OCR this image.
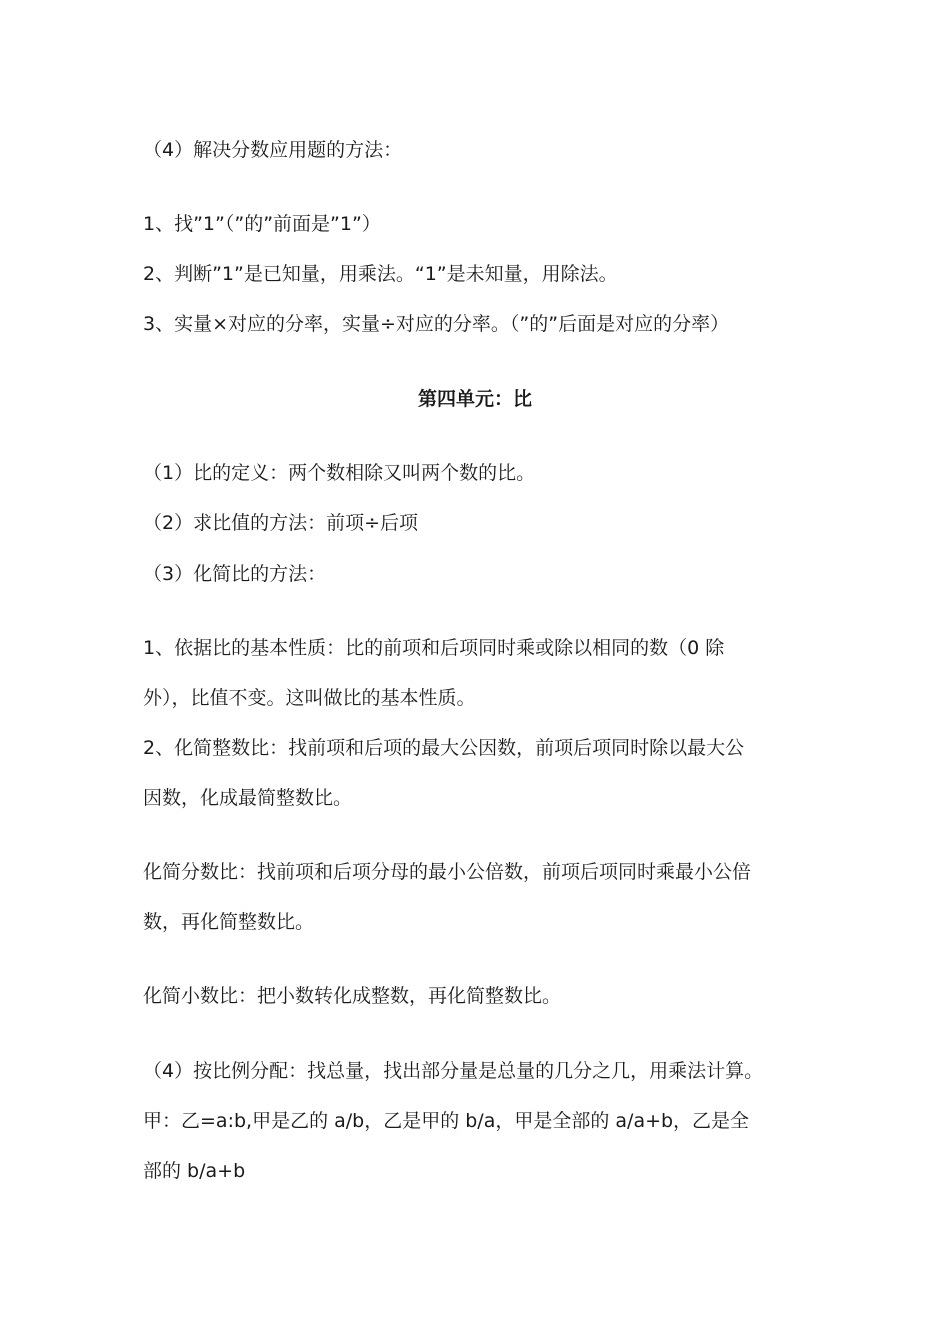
（4）解决分数应用题的方法：

1、找”1”（”的”前面是”1”）

2、判断”1”是已知量，用乘法。“1”是未知量，用除法。

3、实量×对应的分率，实量÷对应的分率。（”的”后面是对应的分率）

第四单元：比

（1）比的定义：两个数相除又叫两个数的比。

（2）求比值的方法：前项÷后项

（3）化简比的方法：

1、依据比的基本性质：比的前项和后项同时乘或除以相同的数（0 除

外），比值不变。这叫做比的基本性质。

2、化简整数比：找前项和后项的最大公因数，前项后项同时除以最大公

因数，化成最简整数比。

化简分数比：找前项和后项分母的最小公倍数，前项后项同时乘最小公倍

数，再化简整数比。

化简小数比：把小数转化成整数，再化简整数比。

（4）按比例分配：找总量，找出部分量是总量的几分之几，用乘法计算。

甲：乙=a:b,甲是乙的 a/b，乙是甲的 b/a，甲是全部的 a/a+b，乙是全

部的 b/a+b
